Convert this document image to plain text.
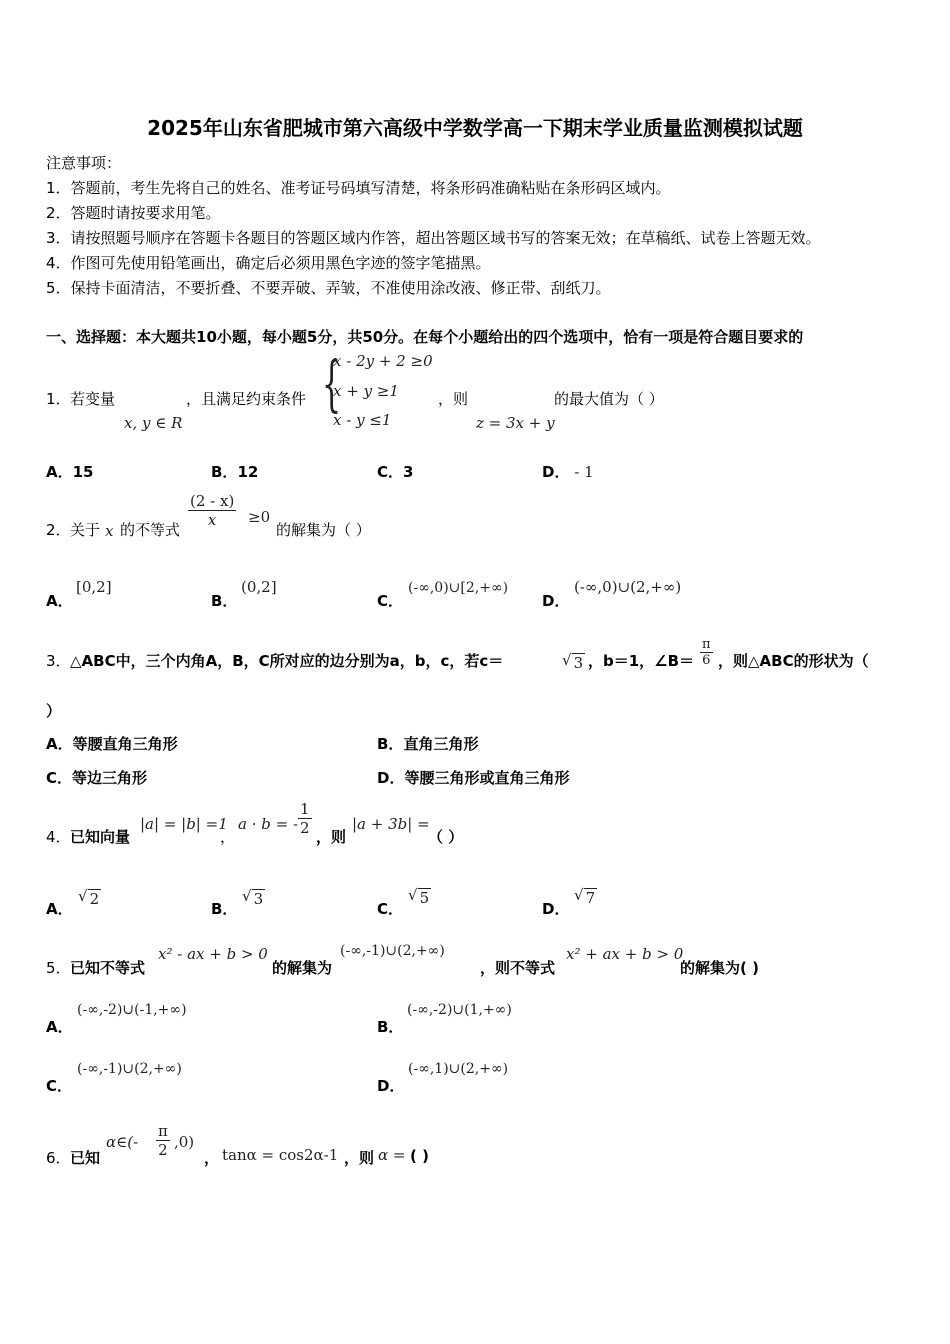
2025年山东省肥城市第六高级中学数学高一下期末学业质量监测模拟试题
注意事项：
1．答题前，考生先将自己的姓名、准考证号码填写清楚，将条形码准确粘贴在条形码区域内。
2．答题时请按要求用笔。
3．请按照题号顺序在答题卡各题目的答题区域内作答，超出答题区域书写的答案无效；在草稿纸、试卷上答题无效。
4．作图可先使用铅笔画出，确定后必须用黑色字迹的签字笔描黑。
5．保持卡面清洁，不要折叠、不要弄破、弄皱，不准使用涂改液、修正带、刮纸刀。
一、选择题：本大题共10小题，每小题5分，共50分。在每个小题给出的四个选项中，恰有一项是符合题目要求的
1． 若变量
x, y ∈ R
，且满足约束条件 {
x - 2y + 2 ≥0
x + y ≥1
x - y ≤1
，则
z = 3x + y
的最大值为（ ）
A．15	B．12	C．3	D． - 1
2． 关于 x 的不等式
$\frac{(2 - x)}{x} \ge 0$
的解集为（ ）
A．
[0,2]
B．
(0,2]
C．
(-∞,0)∪[2,+∞)
D．
(-∞,0)∪(2,+∞)
3． △ABC中，三个内角A，B，C所对应的边分别为a，b，c，若c＝	√ 3 ，b＝1，∠B＝ $\frac{\pi}{6}$ ，则△ABC的形状为（
）
A．等腰直角三角形	B．直角三角形
C．等边三角形	D．等腰三角形或直角三角形
4． 已知向量
|a| = |b| =1
，
a · b = - $\frac{1}{2}$ ，则
|a + 3b| =
（ ）
A．
√ 2
B．
√ 3
C．
√ 5
D．
√ 7
5． 已知不等式
x² - ax + b > 0
的解集为
(-∞,-1)∪(2,+∞)
，则不等式
x² + ax + b > 0
的解集为( )
A．
(-∞,-2)∪(-1,+∞)
B．
(-∞,-2)∪(1,+∞)
C．
(-∞,-1)∪(2,+∞)
D．
(-∞,1)∪(2,+∞)
6． 已知
α∈(- $\frac{\pi}{2} ,0$)
， tanα = cos2α-1 ，则 α = ( )
